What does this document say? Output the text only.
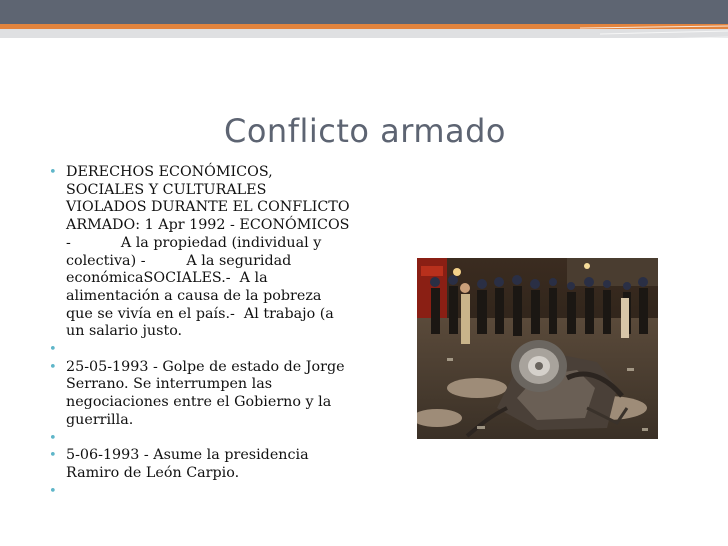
Conflicto armado
• DERECHOS ECONÓMICOS, SOCIALES Y CULTURALES VIOLADOS DURANTE EL CONFLICTO ARMADO: 1 Apr 1992 - ECONÓMICOS -           A la propiedad (individual y colectiva) -         A la seguridad económicaSOCIALES.-  A la alimentación a causa de la pobreza que se vivía en el país.-  Al trabajo (a un salario justo.
•

• 25-05-1993 - Golpe de estado de Jorge Serrano. Se interrumpen las negociaciones entre el Gobierno y la guerrilla.
•

• 5-06-1993 - Asume la presidencia Ramiro de León Carpio.
•
